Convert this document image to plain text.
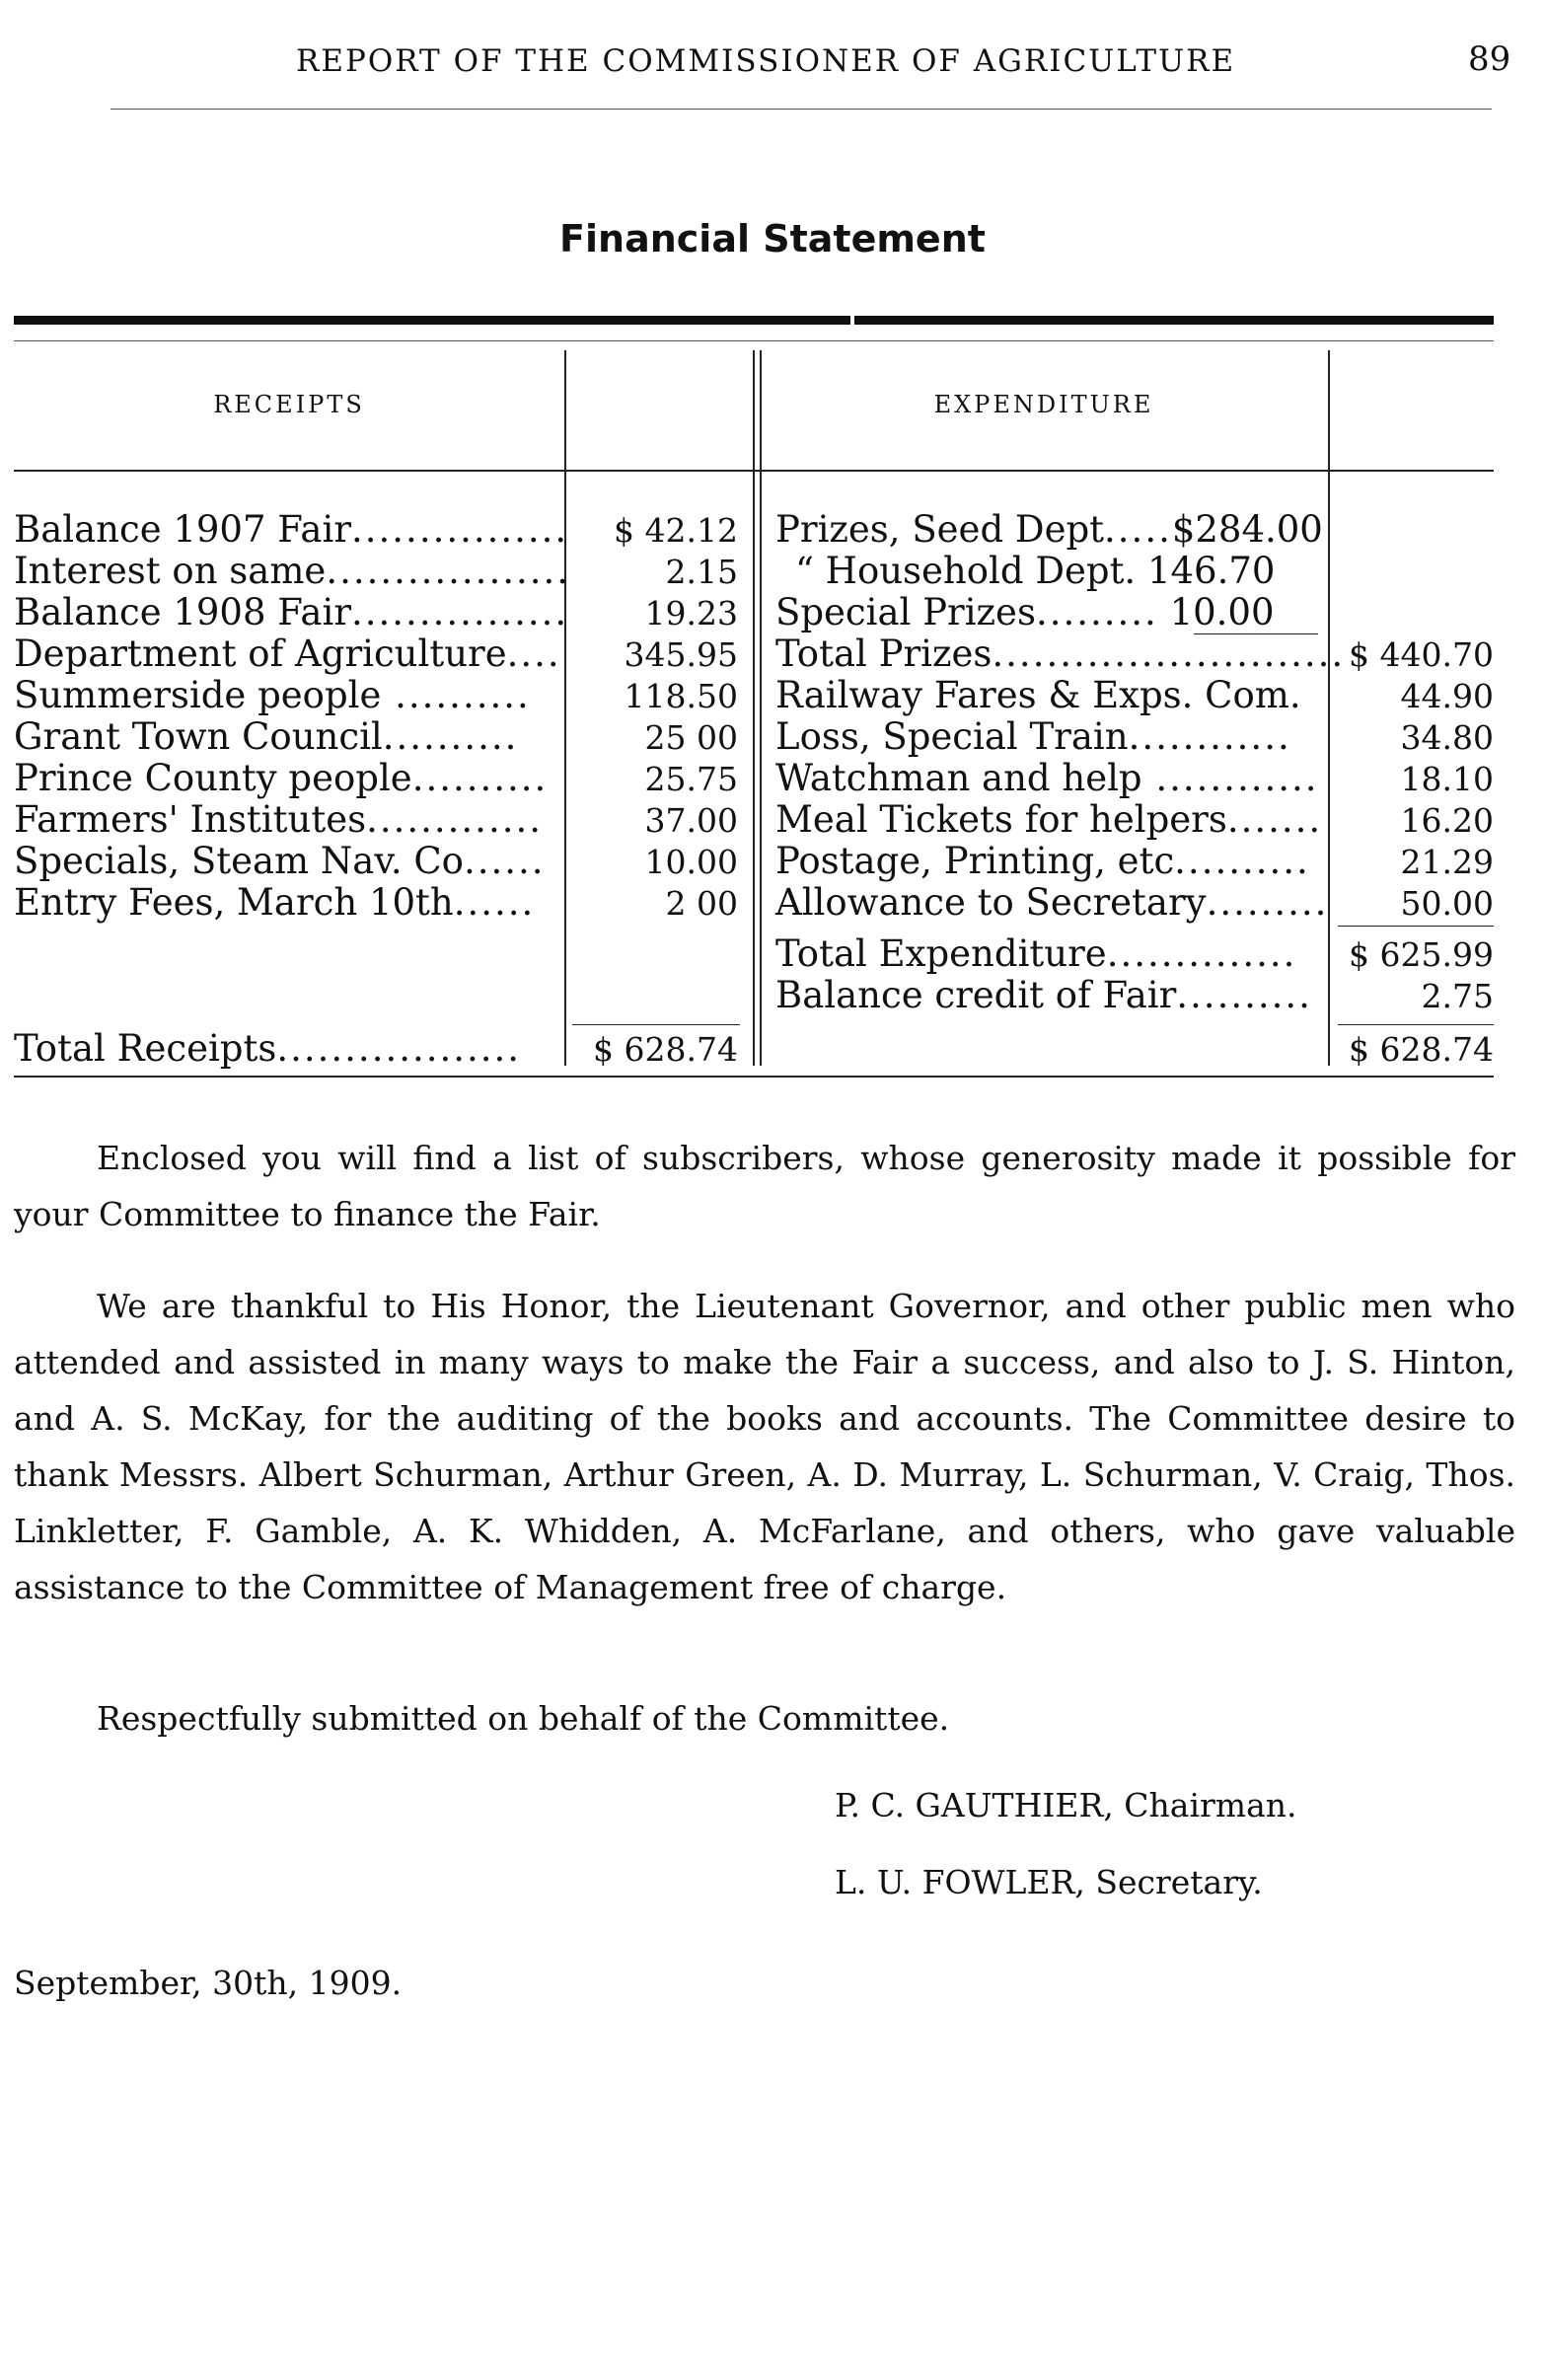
REPORT OF THE COMMISSIONER OF AGRICULTURE	89
Financial Statement
RECEIPTS	EXPENDITURE
Balance 1907 Fair................	$ 42.12
Interest on same..................	2.15
Balance 1908 Fair................	19.23
Department of Agriculture....	345.95
Summerside people ..........	118.50
Grant Town Council..........	25 00
Prince County people..........	25.75
Farmers' Institutes.............	37.00
Specials, Steam Nav. Co......	10.00
Entry Fees, March 10th......	2 00
Prizes, Seed Dept.....$284.00
“ Household Dept. 146.70
Special Prizes......... 10.00
Total Prizes.......................... $ 440.70
Railway Fares & Exps. Com.	44.90
Loss, Special Train............	34.80
Watchman and help ............	18.10
Meal Tickets for helpers.......	16.20
Postage, Printing, etc..........	21.29
Allowance to Secretary.........	50.00
Total Expenditure..............	$ 625.99
Balance credit of Fair..........	2.75
Total Receipts..................	$ 628.74	$ 628.74
Enclosed you will find a list of subscribers, whose generosity made it possible for your Committee to finance the Fair.
We are thankful to His Honor, the Lieutenant Governor, and other public men who attended and assisted in many ways to make the Fair a success, and also to J. S. Hinton, and A. S. McKay, for the auditing of the books and accounts. The Committee desire to thank Messrs. Albert Schurman, Arthur Green, A. D. Murray, L. Schurman, V. Craig, Thos. Linkletter, F. Gamble, A. K. Whidden, A. McFarlane, and others, who gave valuable assistance to the Committee of Management free of charge.
Respectfully submitted on behalf of the Committee.
P. C. GAUTHIER, Chairman.
L. U. FOWLER, Secretary.
September, 30th, 1909.
